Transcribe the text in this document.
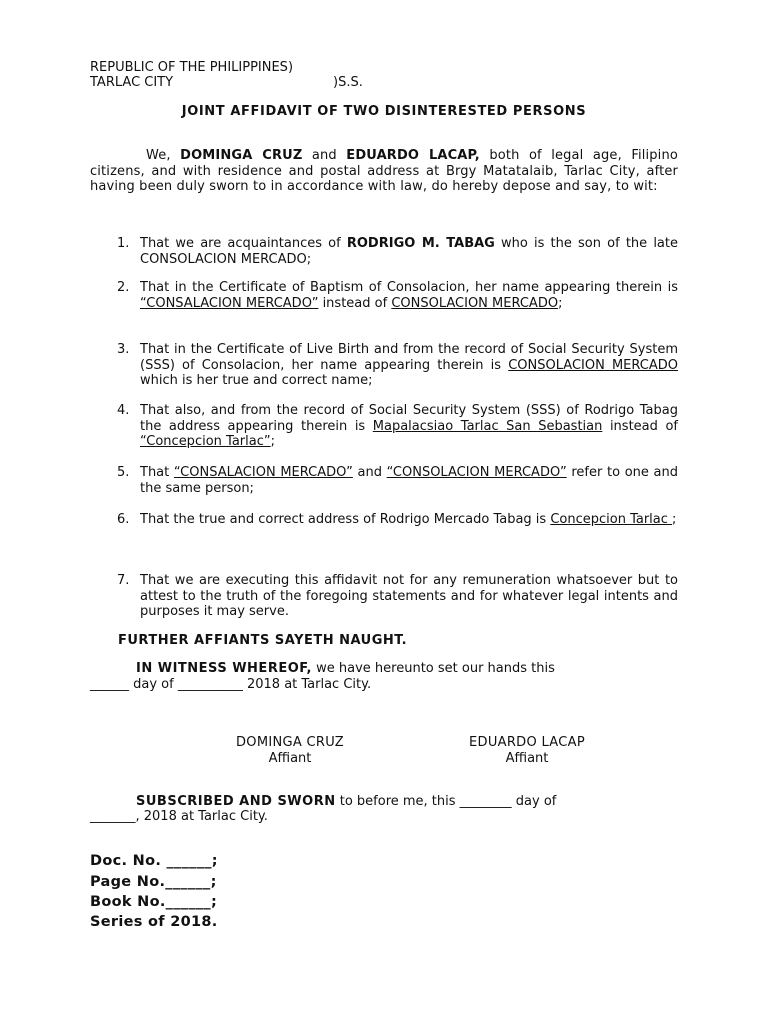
REPUBLIC OF THE PHILIPPINES)
TARLAC CITY	)S.S.
JOINT AFFIDAVIT OF TWO DISINTERESTED PERSONS
We, DOMINGA CRUZ and EDUARDO LACAP, both of legal age, Filipino citizens, and with residence and postal address at Brgy Matatalaib, Tarlac City, after having been duly sworn to in accordance with law, do hereby depose and say, to wit:
1. That we are acquaintances of RODRIGO M. TABAG who is the son of the late CONSOLACION MERCADO;
2. That in the Certificate of Baptism of Consolacion, her name appearing therein is “CONSALACION MERCADO” instead of CONSOLACION MERCADO;
3. That in the Certificate of Live Birth and from the record of Social Security System (SSS) of Consolacion, her name appearing therein is CONSOLACION MERCADO which is her true and correct name;
4. That also, and from the record of Social Security System (SSS) of Rodrigo Tabag the address appearing therein is Mapalacsiao Tarlac San Sebastian instead of “Concepcion Tarlac”;
5. That “CONSALACION MERCADO” and “CONSOLACION MERCADO” refer to one and the same person;
6. That the true and correct address of Rodrigo Mercado Tabag is Concepcion Tarlac ;
7. That we are executing this affidavit not for any remuneration whatsoever but to attest to the truth of the foregoing statements and for whatever legal intents and purposes it may serve.
FURTHER AFFIANTS SAYETH NAUGHT.
IN WITNESS WHEREOF, we have hereunto set our hands this
______ day of __________ 2018 at Tarlac City.
DOMINGA CRUZ
Affiant
EDUARDO LACAP
Affiant
SUBSCRIBED AND SWORN to before me, this ________ day of
_______, 2018 at Tarlac City.
Doc. No. ______;
Page No.______;
Book No.______;
Series of 2018.
